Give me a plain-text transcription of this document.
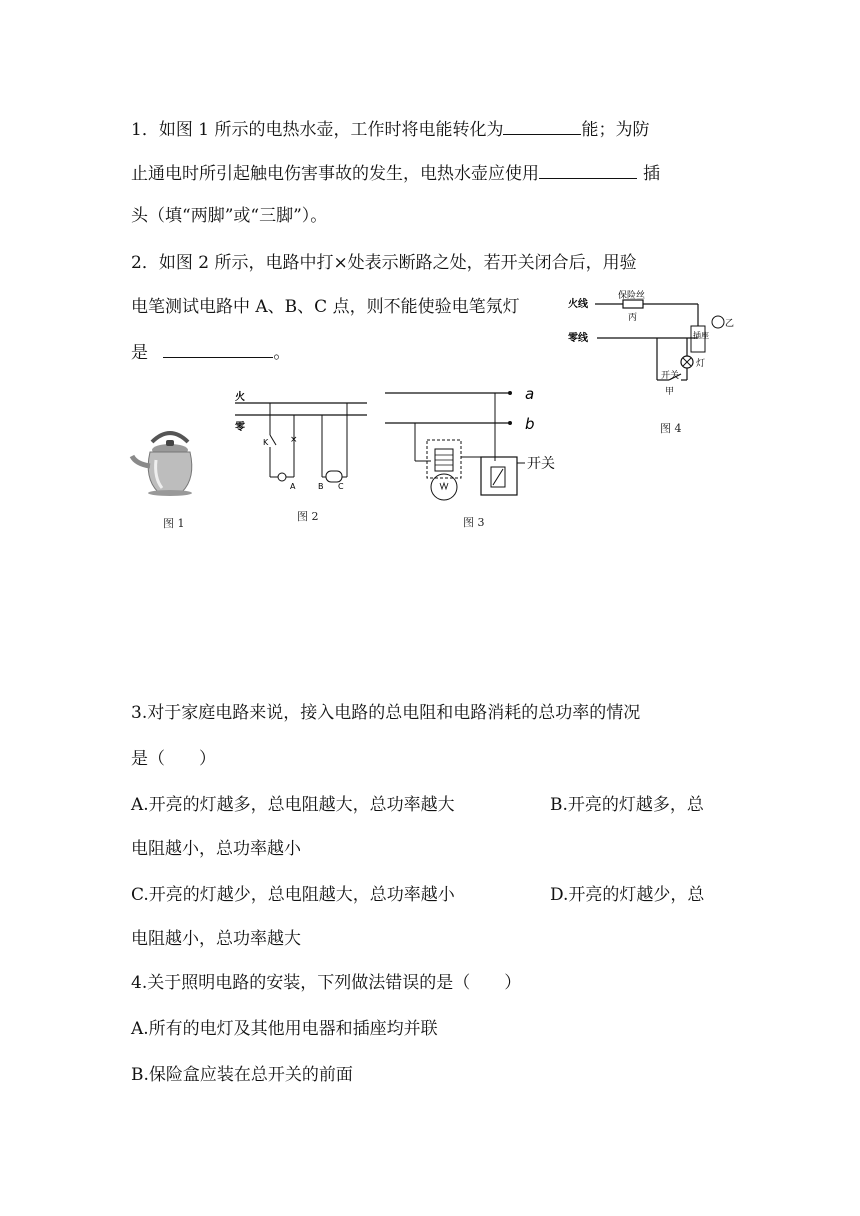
1．如图 1 所示的电热水壶，工作时将电能转化为	能；为防
止通电时所引起触电伤害事故的发生，电热水壶应使用	插
头（填“两脚”或“三脚”）。
2．如图 2 所示，电路中打×处表示断路之处，若开关闭合后，用验
电笔测试电路中 A、B、C 点，则不能使验电笔氖灯
是	。
火线
保险丝
丙
插座
乙
零线
灯
开关
甲
图 4
图 1
火
零
K ×
A	B C
图 2
a
b
开关
图 3
3.对于家庭电路来说，接入电路的总电阻和电路消耗的总功率的情况
是（　　）
A.开亮的灯越多，总电阻越大，总功率越大	B.开亮的灯越多，总
电阻越小，总功率越小
C.开亮的灯越少，总电阻越大，总功率越小	D.开亮的灯越少，总
电阻越小，总功率越大
4.关于照明电路的安装，下列做法错误的是（　　）
A.所有的电灯及其他用电器和插座均并联
B.保险盒应装在总开关的前面
